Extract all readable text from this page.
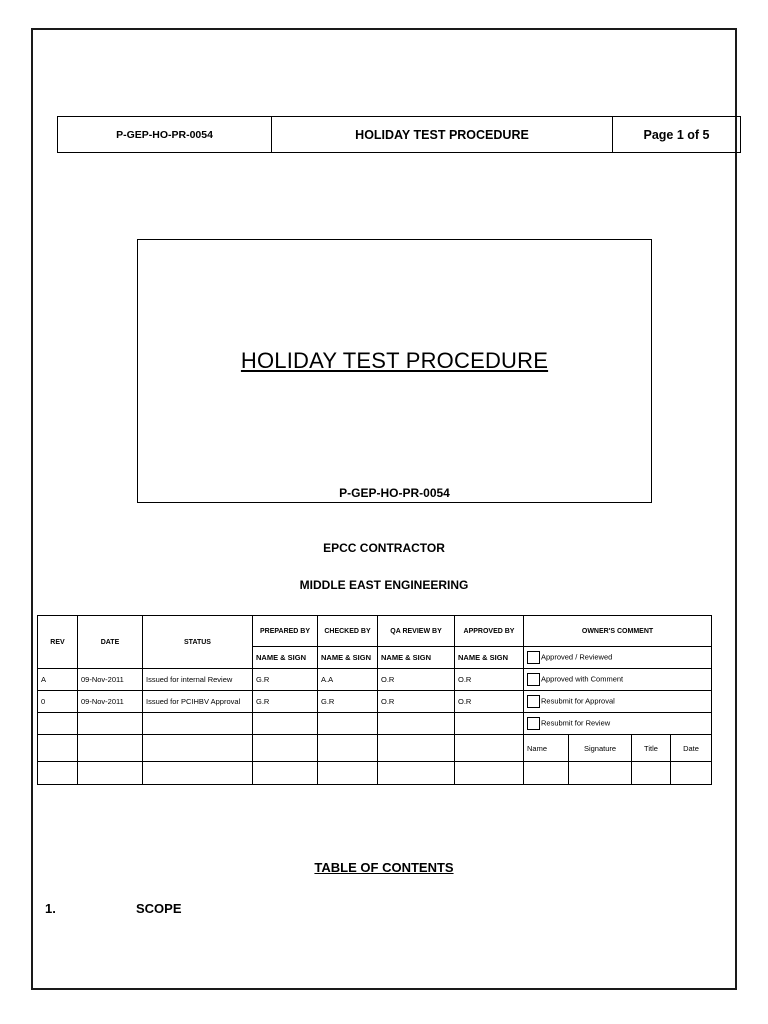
P-GEP-HO-PR-0054	HOLIDAY TEST PROCEDURE	Page 1 of 5
HOLIDAY TEST PROCEDURE
P-GEP-HO-PR-0054
EPCC CONTRACTOR
MIDDLE EAST ENGINEERING
REV	DATE	STATUS	PREPARED BY	CHECKED BY	QA REVIEW BY	APPROVED BY	OWNER'S COMMENT			
			NAME & SIGN	NAME & SIGN	NAME & SIGN	NAME & SIGN	Approved / Reviewed			
A	09-Nov-2011	Issued for internal Review	G.R	A.A	O.R	O.R	Approved with Comment			
0	09-Nov-2011	Issued for PCIHBV Approval	G.R	G.R	O.R	O.R	Resubmit for Approval			
							Resubmit for Review			
							Name	Signature	Title	Date

TABLE OF CONTENTS
1.	SCOPE
